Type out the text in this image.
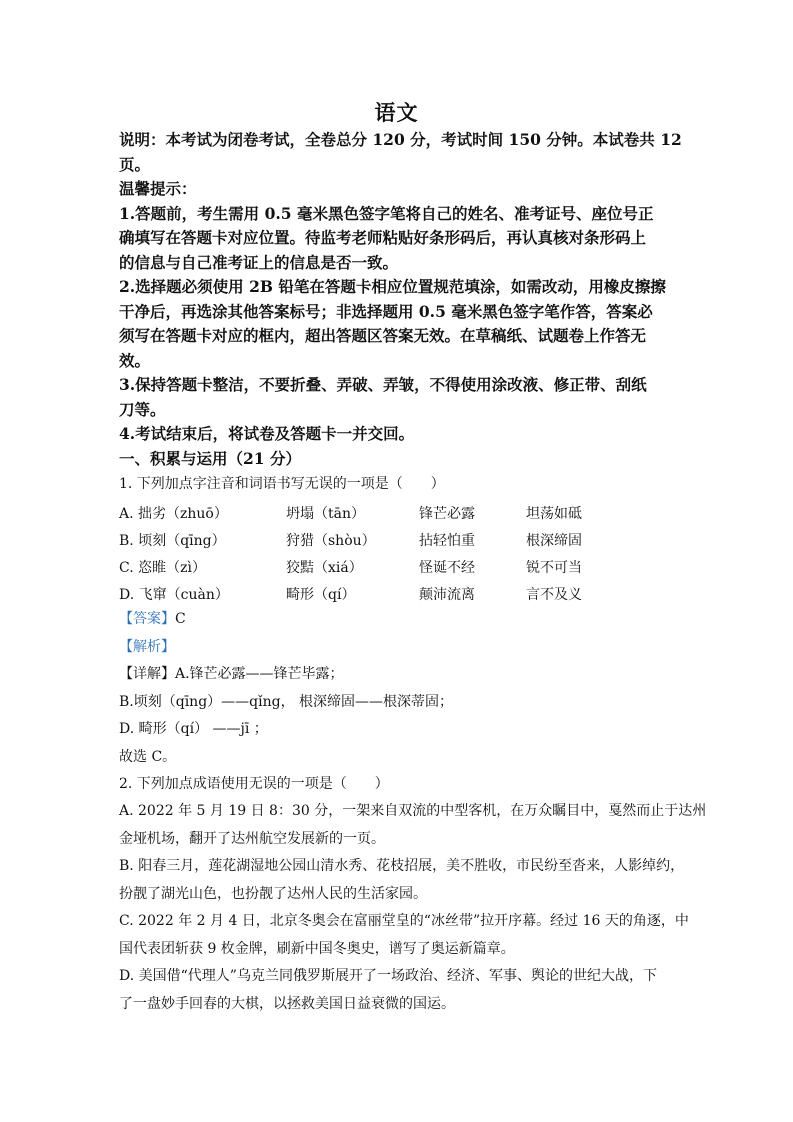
语文
说明：本考试为闭卷考试，全卷总分 120 分，考试时间 150 分钟。本试卷共 12
页。
温馨提示：
1.答题前，考生需用 0.5 毫米黑色签字笔将自己的姓名、准考证号、座位号正
确填写在答题卡对应位置。待监考老师粘贴好条形码后，再认真核对条形码上
的信息与自己准考证上的信息是否一致。
2.选择题必须使用 2B 铅笔在答题卡相应位置规范填涂，如需改动，用橡皮擦擦
干净后，再选涂其他答案标号；非选择题用 0.5 毫米黑色签字笔作答，答案必
须写在答题卡对应的框内，超出答题区答案无效。在草稿纸、试题卷上作答无
效。
3.保持答题卡整洁，不要折叠、弄破、弄皱，不得使用涂改液、修正带、刮纸
刀等。
4.考试结束后，将试卷及答题卡一并交回。
一、积累与运用（21 分）
1. 下列加点字注音和词语书写无误的一项是（　　）
A. 拙劣（zhuō）	坍塌（tān）	锋芒必露	坦荡如砥
B. 顷刻（qīng）	狩猎（shòu）	拈轻怕重	根深缔固
C. 恣睢（zì）	狡黠（xiá）	怪诞不经	锐不可当
D. 飞窜（cuàn）	畸形（qí）	颠沛流离	言不及义
【答案】C
【解析】
【详解】A.锋芒必露——锋芒毕露；
B.顷刻（qīng）——qǐng， 根深缔固——根深蒂固；
D. 畸形（qí） ——jī ；
故选 C。
2. 下列加点成语使用无误的一项是（　　）
A. 2022 年 5 月 19 日 8：30 分，一架来自双流的中型客机，在万众瞩目中，戛然而止于达州
金垭机场，翻开了达州航空发展新的一页。
B. 阳春三月，莲花湖湿地公园山清水秀、花枝招展，美不胜收，市民纷至沓来，人影绰约，
扮靓了湖光山色，也扮靓了达州人民的生活家园。
C. 2022 年 2 月 4 日，北京冬奥会在富丽堂皇的“冰丝带”拉开序幕。经过 16 天的角逐，中
国代表团斩获 9 枚金牌，刷新中国冬奥史，谱写了奥运新篇章。
D. 美国借“代理人”乌克兰同俄罗斯展开了一场政治、经济、军事、舆论的世纪大战，下
了一盘妙手回春的大棋，以拯救美国日益衰微的国运。
